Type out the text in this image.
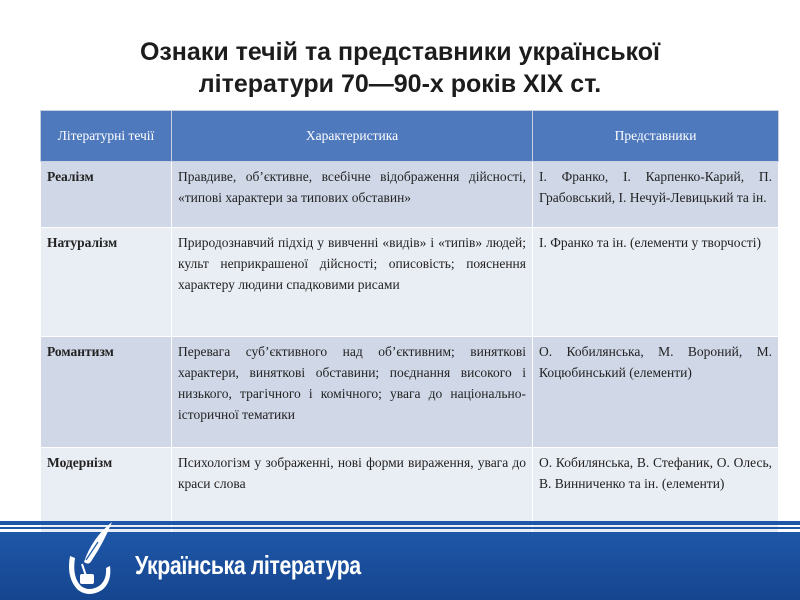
Ознаки течій та представники української
літератури 70—90-х років XIX ст.
Літературні течії	Характеристика	Представники
Реалізм	Правдиве, об’єктивне, всебічне відображення дійсності, «типові характери за типових обставин»	І. Франко, І. Карпенко-Карий, П. Грабовський, І. Нечуй-Левицький та ін.
Натуралізм	Природознавчий підхід у вивченні «видів» і «типів» людей; культ неприкрашеної дійсності; описовість; пояснення характеру людини спадковими рисами	І. Франко та ін. (елементи у творчості)
Романтизм	Перевага суб’єктивного над об’єктивним; виняткові характери, виняткові обставини; поєднання високого і низького, трагічного і комічного; увага до національно-історичної тематики	О. Кобилянська, М. Вороний, М. Коцюбинський (елементи)
Модернізм	Психологізм у зображенні, нові форми вираження, увага до краси слова	О. Кобилянська, В. Стефаник, О. Олесь, В. Винниченко та ін. (елементи)
Українська література
